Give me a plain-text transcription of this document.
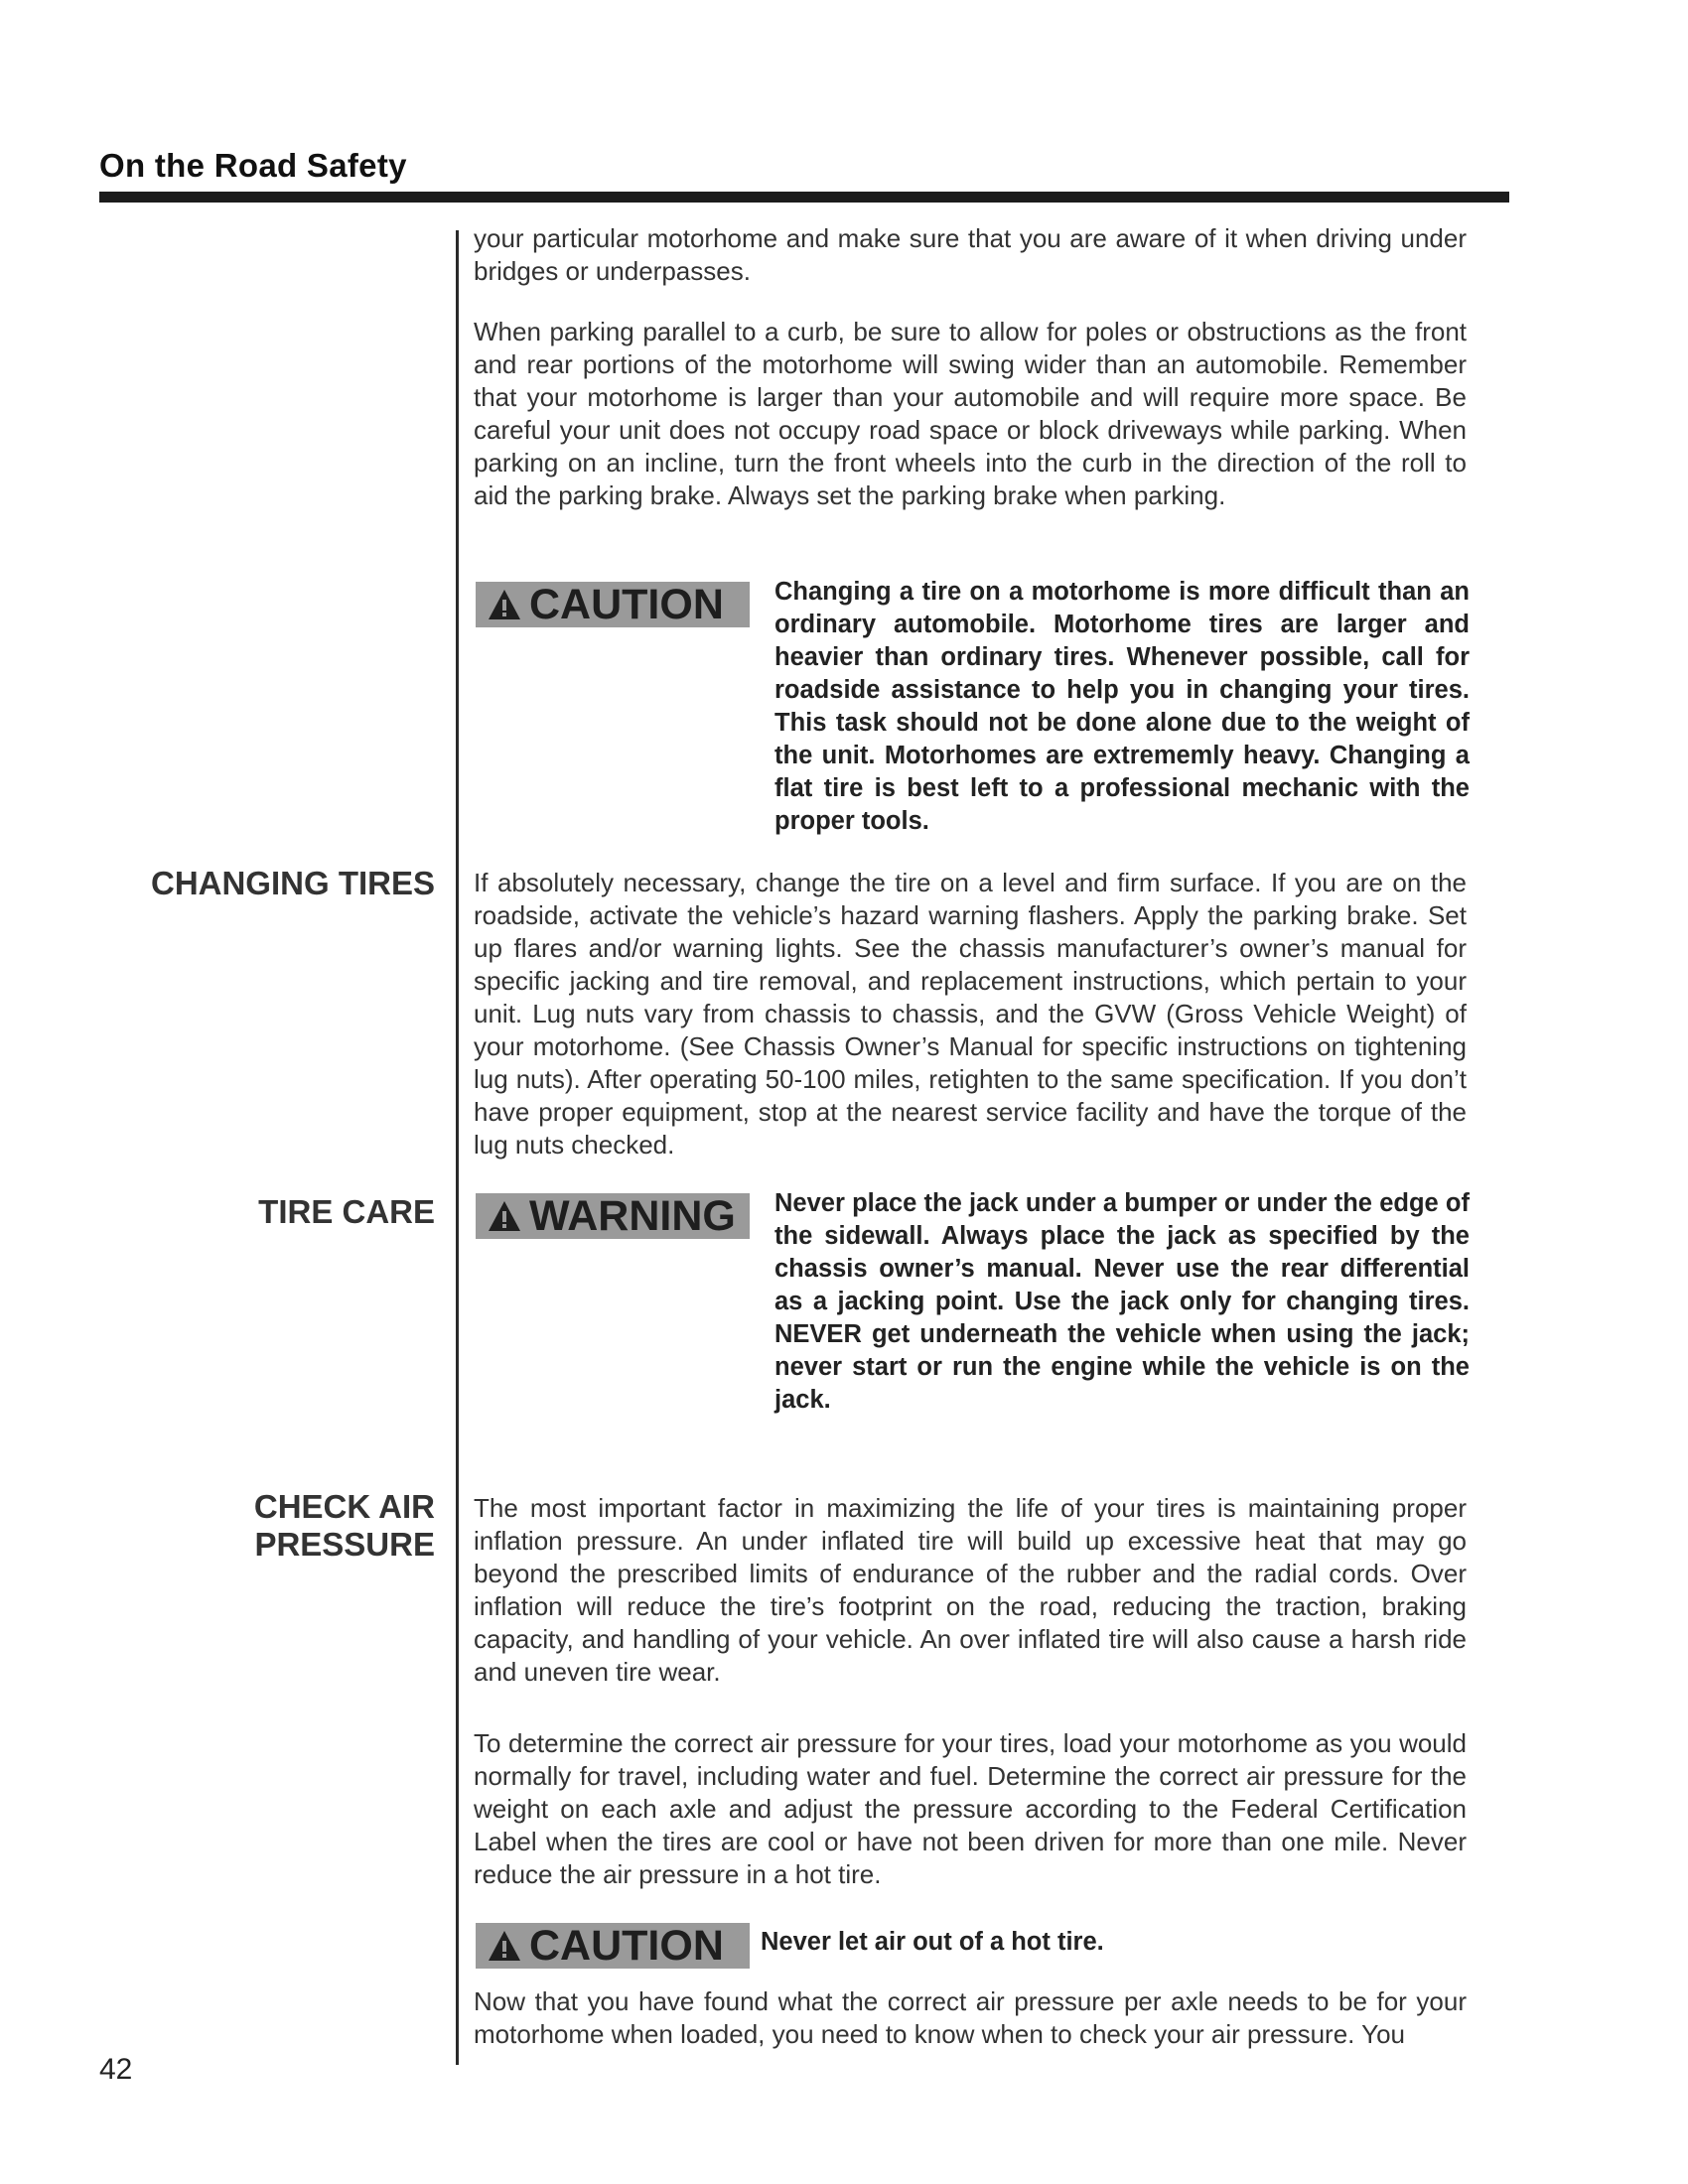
On the Road Safety
CHANGING TIRES
TIRE CARE
CHECK AIR
PRESSURE

your particular motorhome and make sure that you are aware of it when driving under bridges or underpasses.

When parking parallel to a curb, be sure to allow for poles or obstructions as the front and rear portions of the motorhome will swing wider than an automobile. Remember that your motorhome is larger than your automobile and will require more space. Be careful your unit does not occupy road space or block driveways while parking. When parking on an incline, turn the front wheels into the curb in the direction of the roll to aid the parking brake. Always set the parking brake when parking.

CAUTION Changing a tire on a motorhome is more difficult than an ordinary automobile. Motorhome tires are larger and heavier than ordinary tires. Whenever possible, call for roadside assistance to help you in changing your tires. This task should not be done alone due to the weight of the unit. Motorhomes are extrememly heavy. Changing a flat tire is best left to a professional mechanic with the proper tools.

If absolutely necessary, change the tire on a level and firm surface. If you are on the roadside, activate the vehicle’s hazard warning flashers. Apply the parking brake. Set up flares and/or warning lights. See the chassis manufacturer’s owner’s manual for specific jacking and tire removal, and replacement instructions, which pertain to your unit. Lug nuts vary from chassis to chassis, and the GVW (Gross Vehicle Weight) of your motorhome. (See Chassis Owner’s Manual for specific instructions on tightening lug nuts). After operating 50-100 miles, retighten to the same specification. If you don’t have proper equipment, stop at the nearest service facility and have the torque of the lug nuts checked.

WARNING Never place the jack under a bumper or under the edge of the sidewall. Always place the jack as specified by the chassis owner’s manual. Never use the rear differential as a jacking point. Use the jack only for changing tires. NEVER get underneath the vehicle when using the jack; never start or run the engine while the vehicle is on the jack.

The most important factor in maximizing the life of your tires is maintaining proper inflation pressure. An under inflated tire will build up excessive heat that may go beyond the prescribed limits of endurance of the rubber and the radial cords. Over inflation will reduce the tire’s footprint on the road, reducing the traction, braking capacity, and handling of your vehicle. An over inflated tire will also cause a harsh ride and uneven tire wear.

To determine the correct air pressure for your tires, load your motorhome as you would normally for travel, including water and fuel. Determine the correct air pressure for the weight on each axle and adjust the pressure according to the Federal Certification Label when the tires are cool or have not been driven for more than one mile. Never reduce the air pressure in a hot tire.

CAUTION Never let air out of a hot tire.

Now that you have found what the correct air pressure per axle needs to be for your motorhome when loaded, you need to know when to check your air pressure. You

42
